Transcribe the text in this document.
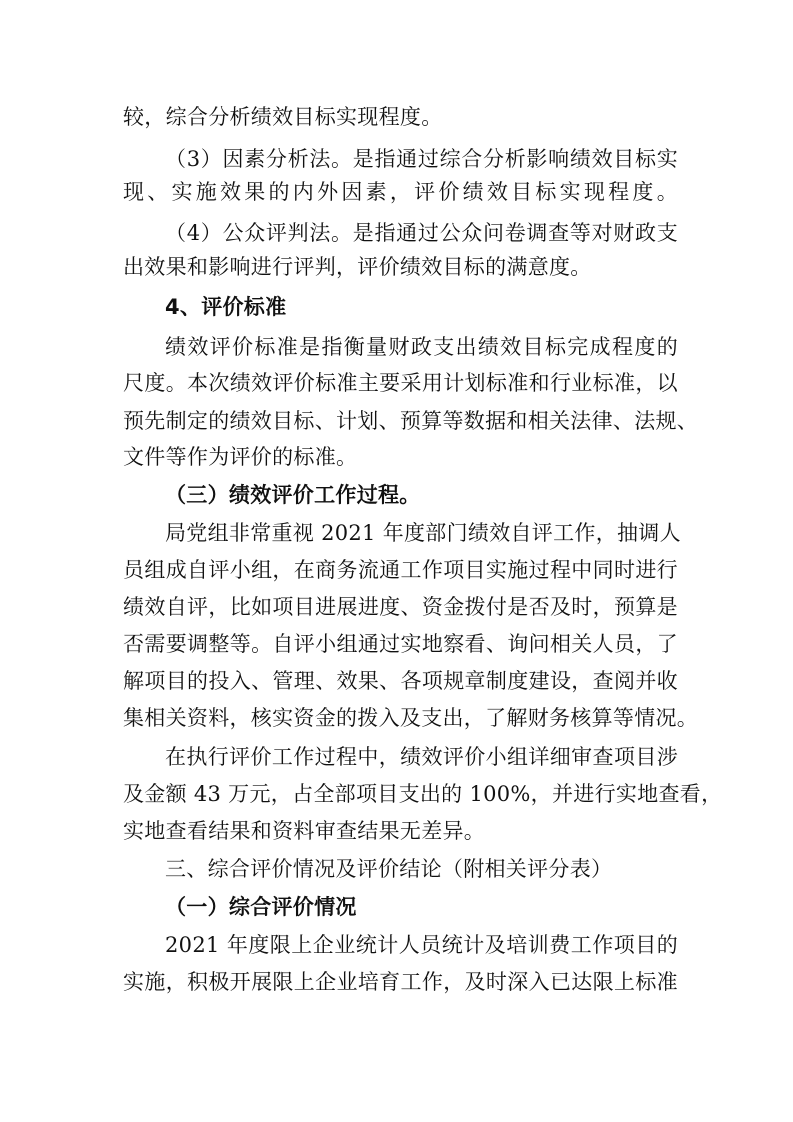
较，综合分析绩效目标实现程度。
（3）因素分析法。是指通过综合分析影响绩效目标实
现、实施效果的内外因素，评价绩效目标实现程度。
（4）公众评判法。是指通过公众问卷调查等对财政支
出效果和影响进行评判，评价绩效目标的满意度。
4、评价标准
绩效评价标准是指衡量财政支出绩效目标完成程度的
尺度。本次绩效评价标准主要采用计划标准和行业标准，以
预先制定的绩效目标、计划、预算等数据和相关法律、法规、
文件等作为评价的标准。
（三）绩效评价工作过程。
局党组非常重视 2021 年度部门绩效自评工作，抽调人
员组成自评小组，在商务流通工作项目实施过程中同时进行
绩效自评，比如项目进展进度、资金拨付是否及时，预算是
否需要调整等。自评小组通过实地察看、询问相关人员，了
解项目的投入、管理、效果、各项规章制度建设，查阅并收
集相关资料，核实资金的拨入及支出，了解财务核算等情况。
在执行评价工作过程中，绩效评价小组详细审查项目涉
及金额 43 万元，占全部项目支出的 100%，并进行实地查看，
实地查看结果和资料审查结果无差异。
三、综合评价情况及评价结论（附相关评分表）
（一）综合评价情况
2021 年度限上企业统计人员统计及培训费工作项目的
实施，积极开展限上企业培育工作，及时深入已达限上标准
